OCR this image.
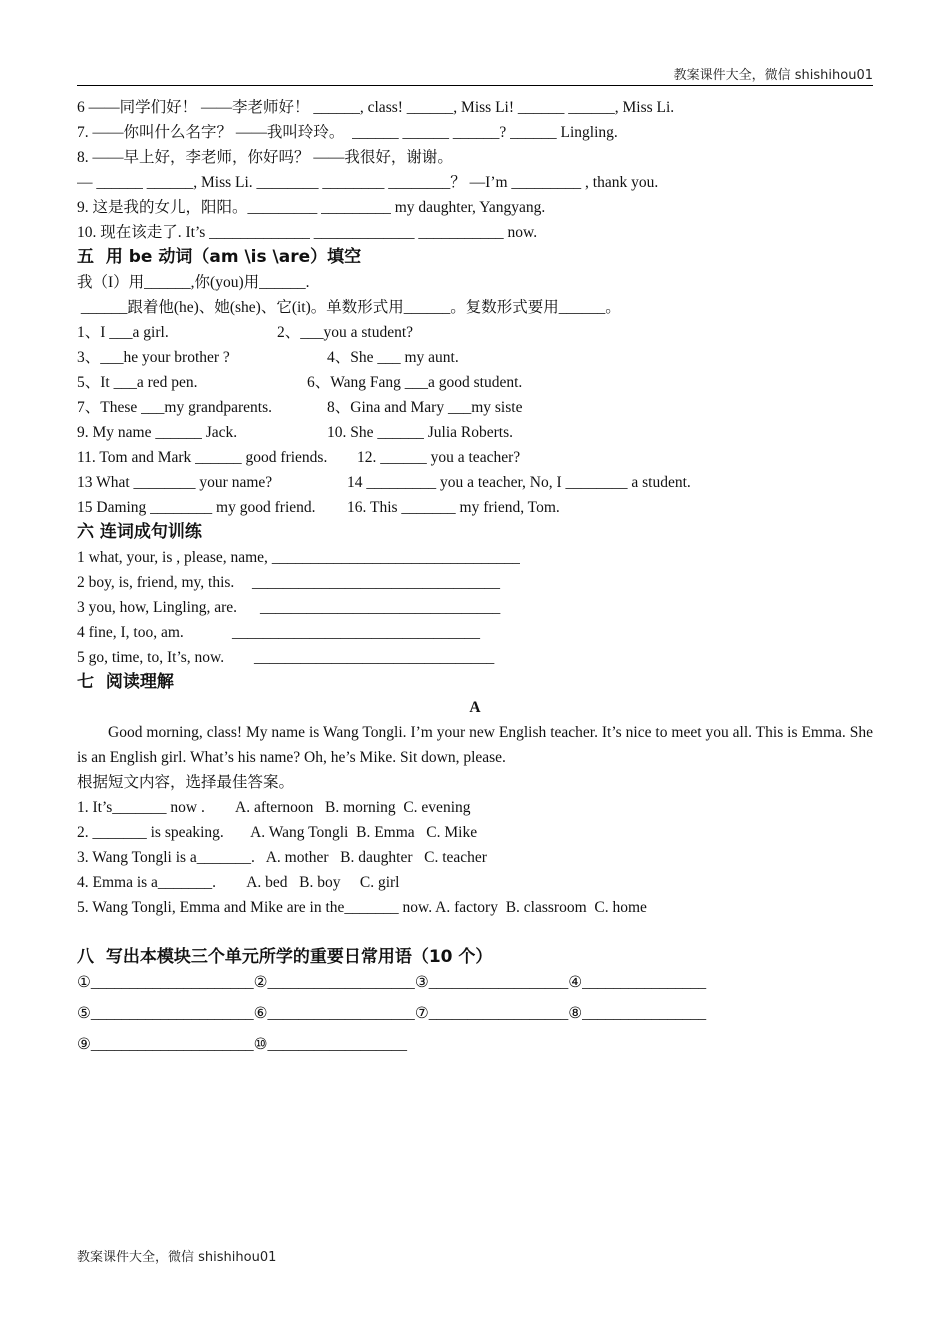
教案课件大全，微信 shishihou01
6 ——同学们好！ ——李老师好！ ______, class! ______, Miss Li! ______ ______, Miss Li.
7. ——你叫什么名字？ ——我叫玲玲。  ______ ______ ______? ______ Lingling.
8. ——早上好，李老师，你好吗？ ——我很好，谢谢。
— ______ ______, Miss Li. ________ ________ ________？ —I’m _________ , thank you.
9. 这是我的女儿，阳阳。_________ _________ my daughter, Yangyang.
10. 现在该走了. It’s _____________ _____________ ___________ now.
五  用 be 动词（am \is \are）填空
我（I）用______,你(you)用______.
______跟着他(he)、她(she)、它(it)。单数形式用______。复数形式要用______。
1、I ___a girl.	2、___you a student?
3、___he your brother ?	4、She ___ my aunt.
5、It ___a red pen.	6、Wang Fang ___a good student.
7、These ___my grandparents.	8、Gina and Mary ___my siste
9. My name ______ Jack.	10. She ______ Julia Roberts.
11. Tom and Mark ______ good friends. 12. ______ you a teacher?
13 What ________ your name?	14 _________ you a teacher, No, I ________ a student.
15 Daming ________ my good friend. 16. This _______ my friend, Tom.
六 连词成句训练
1 what, your, is , please, name, ________________________________
2 boy, is, friend, my, this. ________________________________
3 you, how, Lingling, are. _______________________________
4 fine, I, too, am.	________________________________
5 go, time, to, It’s, now. _______________________________
七  阅读理解
A
Good morning, class! My name is Wang Tongli. I’m your new English teacher. It’s nice to meet you all. This is Emma. She is an English girl. What’s his name? Oh, he’s Mike. Sit down, please.
根据短文内容，选择最佳答案。
1. It’s_______ now .        A. afternoon   B. morning  C. evening
2. _______ is speaking.       A. Wang Tongli  B. Emma   C. Mike
3. Wang Tongli is a_______.   A. mother   B. daughter   C. teacher
4. Emma is a_______.        A. bed   B. boy     C. girl
5. Wang Tongli, Emma and Mike are in the_______ now. A. factory  B. classroom  C. home
八  写出本模块三个单元所学的重要日常用语（10 个）
①_____________________②___________________③__________________④________________
⑤_____________________⑥___________________⑦__________________⑧________________
⑨_____________________⑩__________________
教案课件大全，微信 shishihou01
